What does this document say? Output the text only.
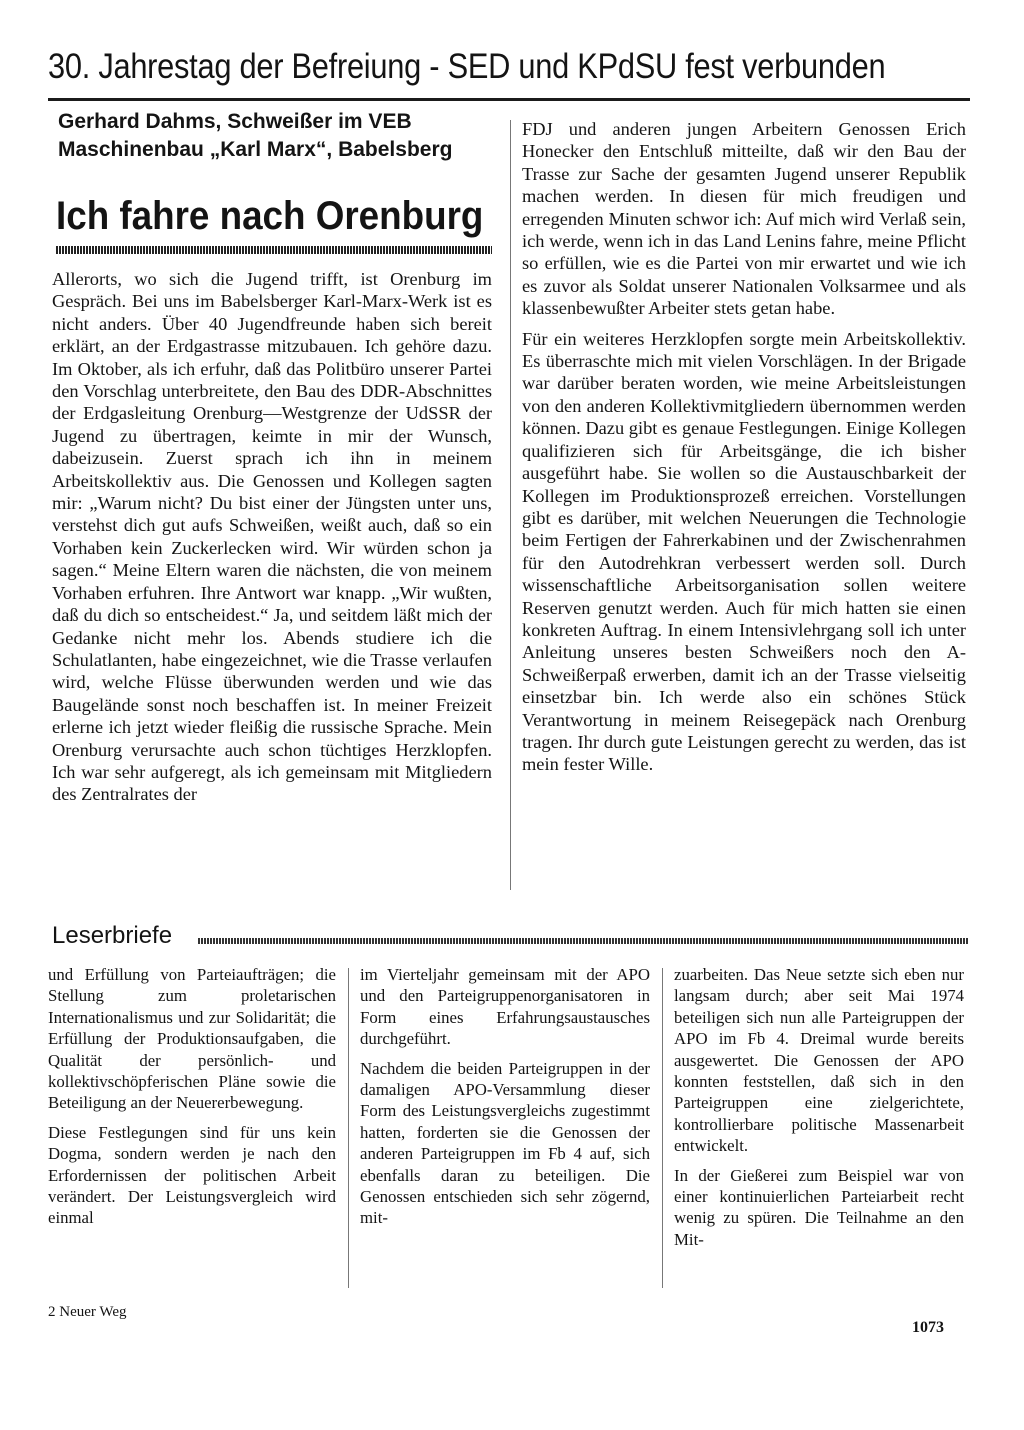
30. Jahrestag der Befreiung - SED und KPdSU fest verbunden
Gerhard Dahms, Schweißer im VEB Maschinenbau „Karl Marx“, Babelsberg
Ich fahre nach Orenburg

Allerorts, wo sich die Jugend trifft, ist Orenburg im Gespräch. Bei uns im Babelsberger Karl-Marx-Werk ist es nicht anders. Über 40 Jugendfreunde haben sich bereit erklärt, an der Erdgastrasse mitzubauen. Ich gehöre dazu. Im Oktober, als ich erfuhr, daß das Politbüro unserer Partei den Vorschlag unterbreitete, den Bau des DDR-Abschnittes der Erdgasleitung Orenburg—Westgrenze der UdSSR der Jugend zu übertragen, keimte in mir der Wunsch, dabeizusein. Zuerst sprach ich ihn in meinem Arbeitskollektiv aus. Die Genossen und Kollegen sagten mir: „Warum nicht? Du bist einer der Jüngsten unter uns, verstehst dich gut aufs Schweißen, weißt auch, daß so ein Vorhaben kein Zuckerlecken wird. Wir würden schon ja sagen.“ Meine Eltern waren die nächsten, die von meinem Vorhaben erfuhren. Ihre Antwort war knapp. „Wir wußten, daß du dich so entscheidest.“ Ja, und seitdem läßt mich der Gedanke nicht mehr los. Abends studiere ich die Schulatlanten, habe eingezeichnet, wie die Trasse verlaufen wird, welche Flüsse überwunden werden und wie das Baugelände sonst noch beschaffen ist. In meiner Freizeit erlerne ich jetzt wieder fleißig die russische Sprache. Mein Orenburg verursachte auch schon tüchtiges Herzklopfen. Ich war sehr aufgeregt, als ich gemeinsam mit Mitgliedern des Zentralrates der

FDJ und anderen jungen Arbeitern Genossen Erich Honecker den Entschluß mitteilte, daß wir den Bau der Trasse zur Sache der gesamten Jugend unserer Republik machen werden. In diesen für mich freudigen und erregenden Minuten schwor ich: Auf mich wird Verlaß sein, ich werde, wenn ich in das Land Lenins fahre, meine Pflicht so erfüllen, wie es die Partei von mir erwartet und wie ich es zuvor als Soldat unserer Nationalen Volksarmee und als klassenbewußter Arbeiter stets getan habe.

Für ein weiteres Herzklopfen sorgte mein Arbeitskollektiv. Es überraschte mich mit vielen Vorschlägen. In der Brigade war darüber beraten worden, wie meine Arbeitsleistungen von den anderen Kollektivmitgliedern übernommen werden können. Dazu gibt es genaue Festlegungen. Einige Kollegen qualifizieren sich für Arbeitsgänge, die ich bisher ausgeführt habe. Sie wollen so die Austauschbarkeit der Kollegen im Produktionsprozeß erreichen. Vorstellungen gibt es darüber, mit welchen Neuerungen die Technologie beim Fertigen der Fahrerkabinen und der Zwischenrahmen für den Autodrehkran verbessert werden soll. Durch wissenschaftliche Arbeitsorganisation sollen weitere Reserven genutzt werden. Auch für mich hatten sie einen konkreten Auftrag. In einem Intensivlehrgang soll ich unter Anleitung unseres besten Schweißers noch den A-Schweißerpaß erwerben, damit ich an der Trasse vielseitig einsetzbar bin. Ich werde also ein schönes Stück Verantwortung in meinem Reisegepäck nach Orenburg tragen. Ihr durch gute Leistungen gerecht zu werden, das ist mein fester Wille.

Leserbriefe

und Erfüllung von Parteiaufträgen; die Stellung zum proletarischen Internationalismus und zur Solidarität; die Erfüllung der Produktionsaufgaben, die Qualität der persönlich- und kollektivschöpferischen Pläne sowie die Beteiligung an der Neuererbewegung.

Diese Festlegungen sind für uns kein Dogma, sondern werden je nach den Erfordernissen der politischen Arbeit verändert. Der Leistungsvergleich wird einmal

im Vierteljahr gemeinsam mit der APO und den Parteigruppenorganisatoren in Form eines Erfahrungsaustausches durchgeführt.

Nachdem die beiden Parteigruppen in der damaligen APO-Versammlung dieser Form des Leistungsvergleichs zugestimmt hatten, forderten sie die Genossen der anderen Parteigruppen im Fb 4 auf, sich ebenfalls daran zu beteiligen. Die Genossen entschieden sich sehr zögernd, mit-

zuarbeiten. Das Neue setzte sich eben nur langsam durch; aber seit Mai 1974 beteiligen sich nun alle Parteigruppen der APO im Fb 4. Dreimal wurde bereits ausgewertet. Die Genossen der APO konnten feststellen, daß sich in den Parteigruppen eine zielgerichtete, kontrollierbare politische Massenarbeit entwickelt.

In der Gießerei zum Beispiel war von einer kontinuierlichen Parteiarbeit recht wenig zu spüren. Die Teilnahme an den Mit-

2 Neuer Weg
1073
